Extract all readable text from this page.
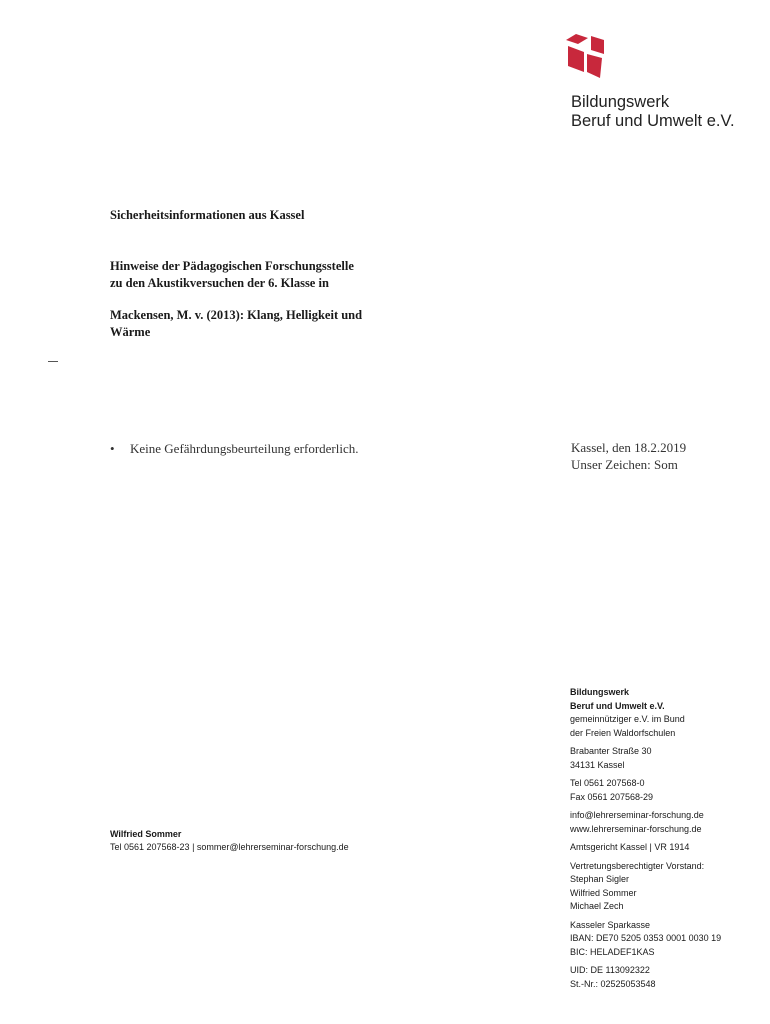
Bildungswerk
Beruf und Umwelt e.V.
Sicherheitsinformationen aus Kassel
Hinweise der Pädagogischen Forschungsstelle
zu den Akustikversuchen der 6. Klasse in
Mackensen, M. v. (2013): Klang, Helligkeit und
Wärme
• Keine Gefährdungsbeurteilung erforderlich.	Kassel, den 18.2.2019
Unser Zeichen: Som
Wilfried Sommer
Tel 0561 207568-23 | sommer@lehrerseminar-forschung.de
Bildungswerk
Beruf und Umwelt e.V.
gemeinnütziger e.V. im Bund
der Freien Waldorfschulen
Brabanter Straße 30
34131 Kassel
Tel 0561 207568-0
Fax 0561 207568-29
info@lehrerseminar-forschung.de
www.lehrerseminar-forschung.de
Amtsgericht Kassel | VR 1914
Vertretungsberechtigter Vorstand:
Stephan Sigler
Wilfried Sommer
Michael Zech
Kasseler Sparkasse
IBAN: DE70 5205 0353 0001 0030 19
BIC: HELADEF1KAS
UID: DE 113092322
St.-Nr.: 02525053548
